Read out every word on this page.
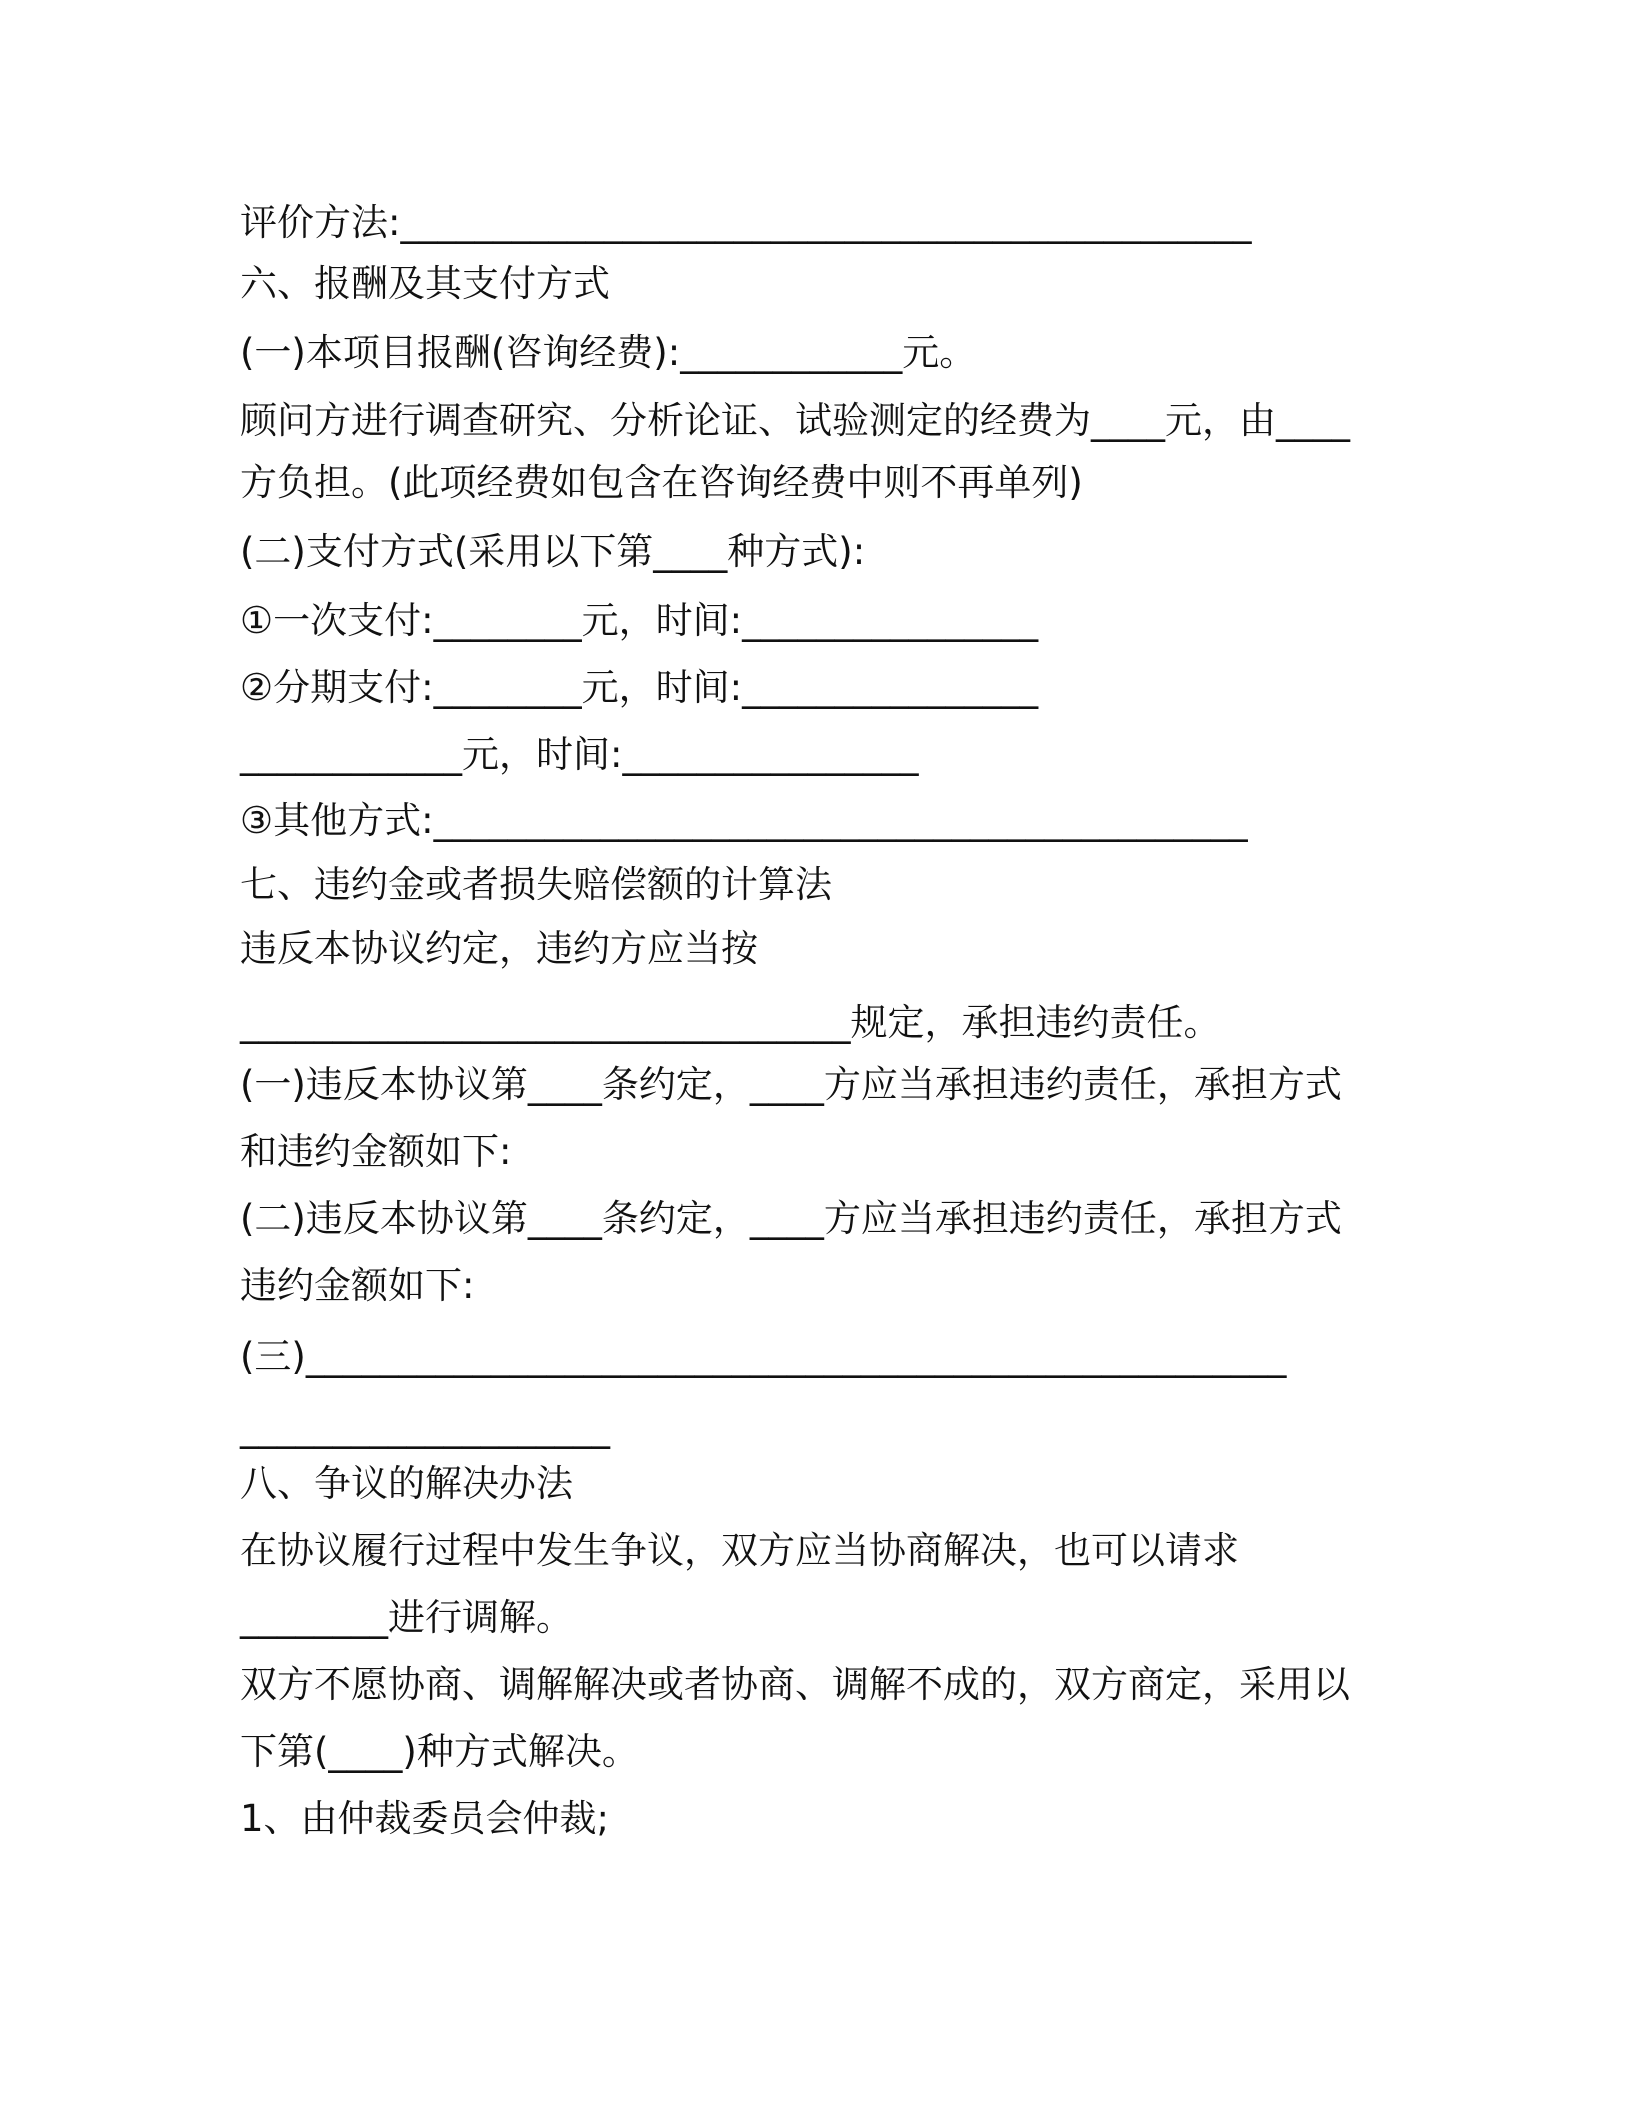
评价方法:______________________________________________
六、报酬及其支付方式
(一)本项目报酬(咨询经费):____________元。
顾问方进行调查研究、分析论证、试验测定的经费为____元，由____
方负担。(此项经费如包含在咨询经费中则不再单列)
(二)支付方式(采用以下第____种方式):
①一次支付:________元，时间:________________
②分期支付:________元，时间:________________
____________元，时间:________________
③其他方式:____________________________________________
七、违约金或者损失赔偿额的计算法
违反本协议约定，违约方应当按
_________________________________规定，承担违约责任。
(一)违反本协议第____条约定，____方应当承担违约责任，承担方式
和违约金额如下:
(二)违反本协议第____条约定，____方应当承担违约责任，承担方式
违约金额如下:
(三)_____________________________________________________
____________________
八、争议的解决办法
在协议履行过程中发生争议，双方应当协商解决，也可以请求
________进行调解。
双方不愿协商、调解解决或者协商、调解不成的，双方商定，采用以
下第(____)种方式解决。
1、由仲裁委员会仲裁;
